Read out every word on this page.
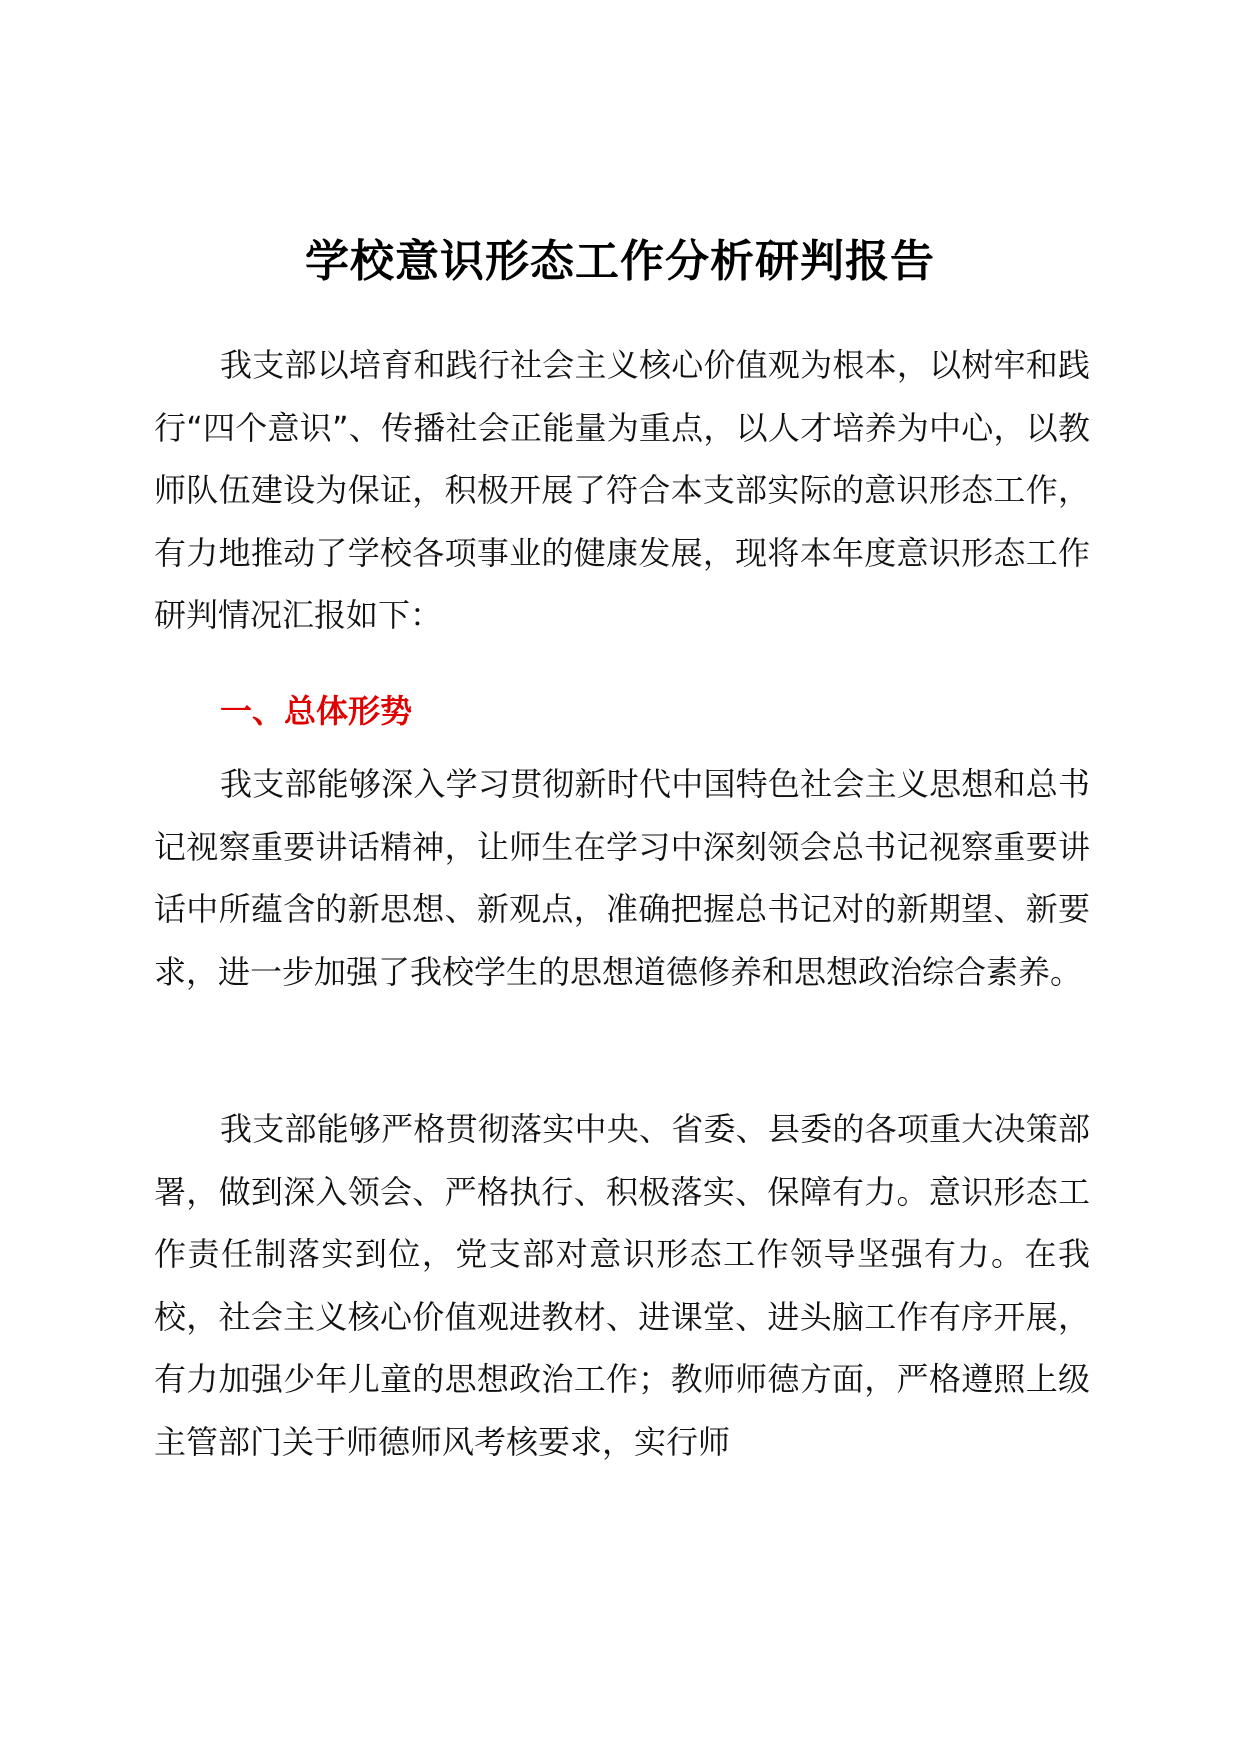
学校意识形态工作分析研判报告

我支部以培育和践行社会主义核心价值观为根本，以树牢和践行“四个意识”、传播社会正能量为重点，以人才培养为中心，以教师队伍建设为保证，积极开展了符合本支部实际的意识形态工作，有力地推动了学校各项事业的健康发展，现将本年度意识形态工作研判情况汇报如下：

一、总体形势

我支部能够深入学习贯彻新时代中国特色社会主义思想和总书记视察重要讲话精神，让师生在学习中深刻领会总书记视察重要讲话中所蕴含的新思想、新观点，准确把握总书记对的新期望、新要求，进一步加强了我校学生的思想道德修养和思想政治综合素养。

我支部能够严格贯彻落实中央、省委、县委的各项重大决策部署，做到深入领会、严格执行、积极落实、保障有力。意识形态工作责任制落实到位，党支部对意识形态工作领导坚强有力。在我校，社会主义核心价值观进教材、进课堂、进头脑工作有序开展，有力加强少年儿童的思想政治工作；教师师德方面，严格遵照上级主管部门关于师德师风考核要求，实行师
